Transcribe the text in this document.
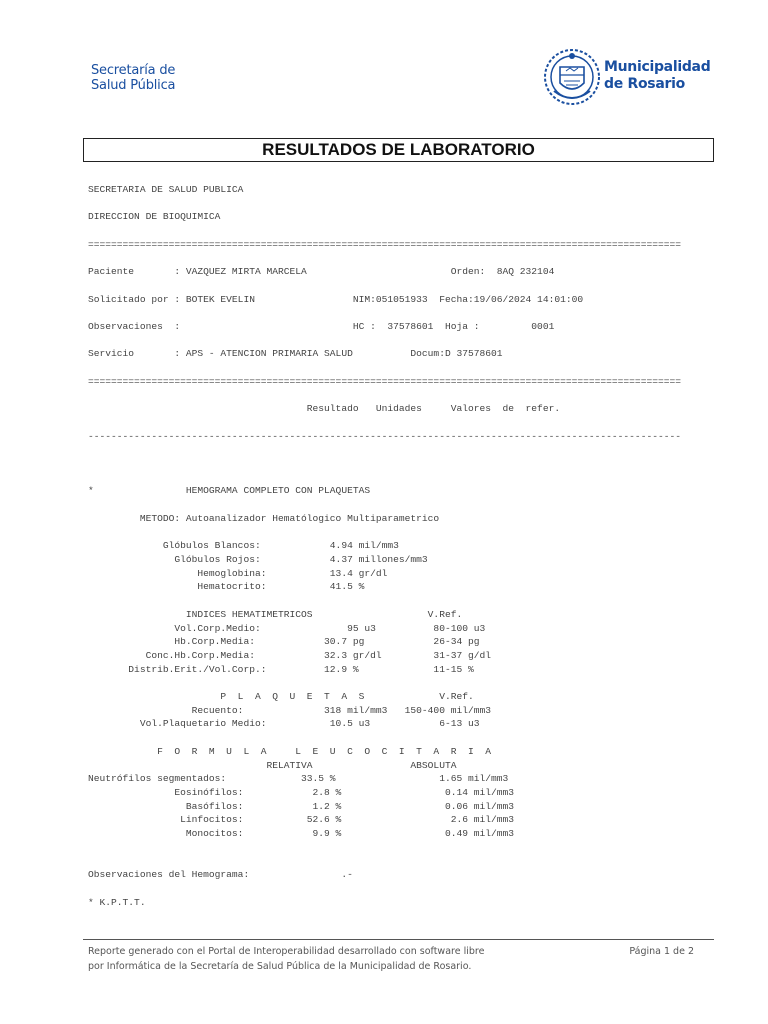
Secretaría de
Salud Pública
Municipalidad
de Rosario
RESULTADOS DE LABORATORIO
SECRETARIA DE SALUD PUBLICA

DIRECCION DE BIOQUIMICA

=======================================================================================================

Paciente       : VAZQUEZ MIRTA MARCELA                         Orden:  8AQ 232104

Solicitado por : BOTEK EVELIN                 NIM:051051933  Fecha:19/06/2024 14:01:00

Observaciones  :                              HC :  37578601  Hoja :         0001

Servicio       : APS - ATENCION PRIMARIA SALUD          Docum:D 37578601

=======================================================================================================

Resultado   Unidades     Valores  de  refer.

-------------------------------------------------------------------------------------------------------

*                HEMOGRAMA COMPLETO CON PLAQUETAS

METODO: Autoanalizador Hematólogico Multiparametrico

Glóbulos Blancos:            4.94 mil/mm3
Glóbulos Rojos:            4.37 millones/mm3
Hemoglobina:           13.4 gr/dl
Hematocrito:           41.5 %

INDICES HEMATIMETRICOS                    V.Ref.
Vol.Corp.Medio:               95 u3          80-100 u3
Hb.Corp.Media:            30.7 pg            26-34 pg
Conc.Hb.Corp.Media:            32.3 gr/dl         31-37 g/dl
Distrib.Erit./Vol.Corp.:          12.9 %             11-15 %

P  L  A  Q  U  E  T  A  S             V.Ref.
Recuento:              318 mil/mm3   150-400 mil/mm3
Vol.Plaquetario Medio:           10.5 u3            6-13 u3

F  O  R  M  U  L  A     L  E  U  C  O  C  I  T  A  R  I  A
RELATIVA                 ABSOLUTA
Neutrófilos segmentados:             33.5 %                  1.65 mil/mm3
Eosinófilos:            2.8 %                  0.14 mil/mm3
Basófilos:            1.2 %                  0.06 mil/mm3
Linfocitos:           52.6 %                   2.6 mil/mm3
Monocitos:            9.9 %                  0.49 mil/mm3

Observaciones del Hemograma:                .-

* K.P.T.T.
Reporte generado con el Portal de Interoperabilidad desarrollado con software libre
por Informática de la Secretaría de Salud Pública de la Municipalidad de Rosario.
Página 1 de 2
